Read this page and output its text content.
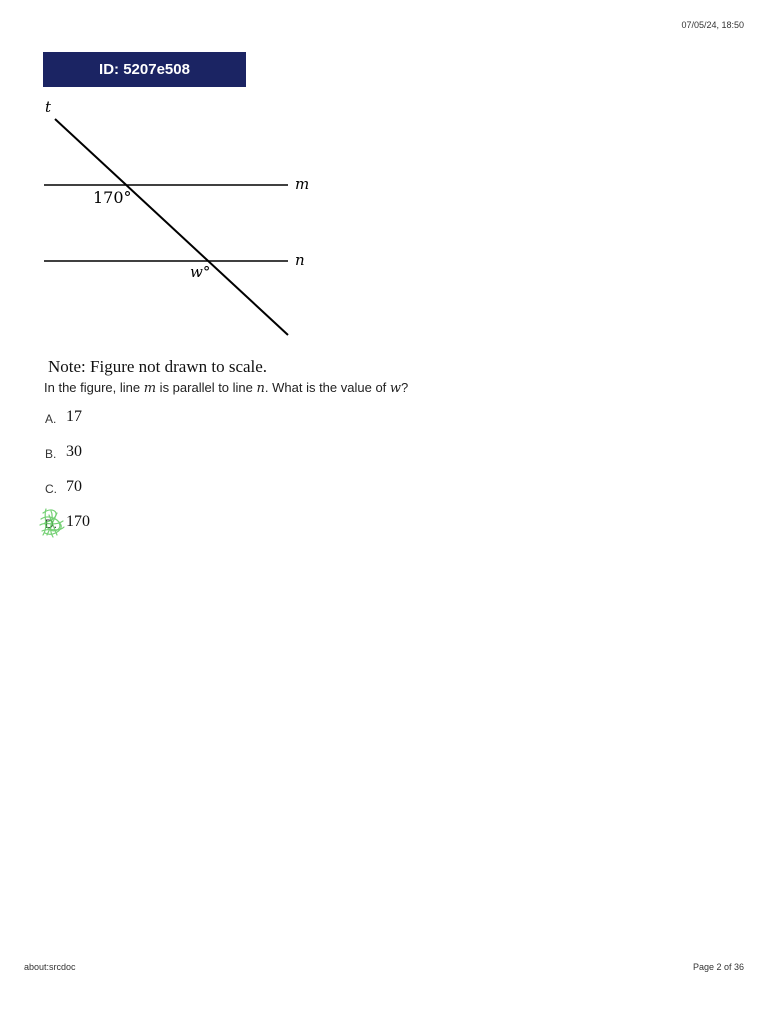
07/05/24, 18:50
ID: 5207e508
t
m
n
170°
w°
Note: Figure not drawn to scale.
In the figure, line m is parallel to line n. What is the value of w?
A. 17
B. 30
C. 70
D. 170
about:srcdoc	Page 2 of 36
